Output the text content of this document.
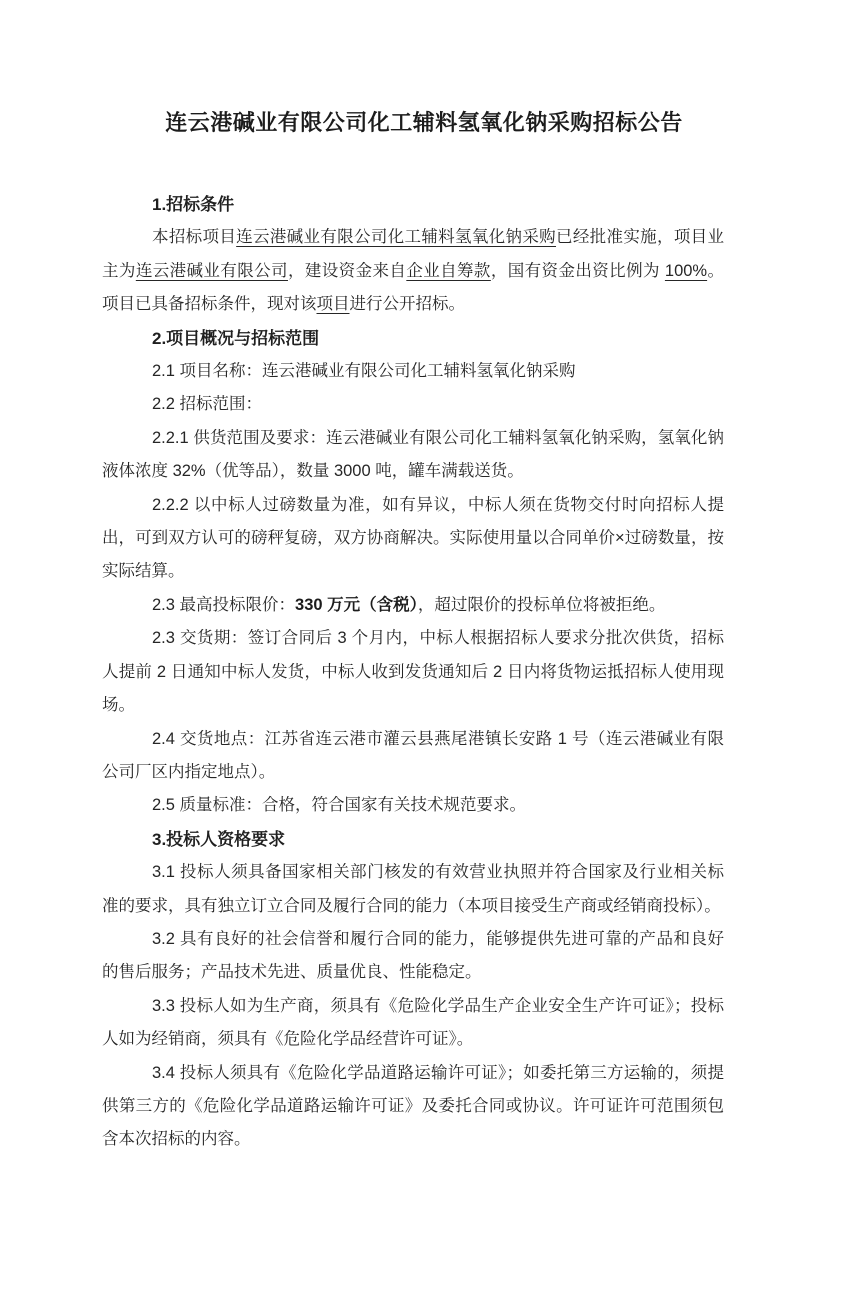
连云港碱业有限公司化工辅料氢氧化钠采购招标公告
1.招标条件

本招标项目连云港碱业有限公司化工辅料氢氧化钠采购已经批准实施，项目业主为连云港碱业有限公司，建设资金来自企业自筹款，国有资金出资比例为 100%。项目已具备招标条件，现对该项目进行公开招标。

2.项目概况与招标范围

2.1 项目名称：连云港碱业有限公司化工辅料氢氧化钠采购

2.2 招标范围：

2.2.1 供货范围及要求：连云港碱业有限公司化工辅料氢氧化钠采购，氢氧化钠液体浓度 32%（优等品），数量 3000 吨，罐车满载送货。

2.2.2 以中标人过磅数量为准，如有异议，中标人须在货物交付时向招标人提出，可到双方认可的磅秤复磅，双方协商解决。实际使用量以合同单价×过磅数量，按实际结算。

2.3 最高投标限价：330 万元（含税），超过限价的投标单位将被拒绝。

2.3 交货期：签订合同后 3 个月内，中标人根据招标人要求分批次供货，招标人提前 2 日通知中标人发货，中标人收到发货通知后 2 日内将货物运抵招标人使用现场。

2.4 交货地点：江苏省连云港市灌云县燕尾港镇长安路 1 号（连云港碱业有限公司厂区内指定地点）。

2.5 质量标准：合格，符合国家有关技术规范要求。

3.投标人资格要求

3.1 投标人须具备国家相关部门核发的有效营业执照并符合国家及行业相关标准的要求，具有独立订立合同及履行合同的能力（本项目接受生产商或经销商投标）。

3.2 具有良好的社会信誉和履行合同的能力，能够提供先进可靠的产品和良好的售后服务；产品技术先进、质量优良、性能稳定。

3.3 投标人如为生产商，须具有《危险化学品生产企业安全生产许可证》；投标人如为经销商，须具有《危险化学品经营许可证》。

3.4 投标人须具有《危险化学品道路运输许可证》；如委托第三方运输的，须提供第三方的《危险化学品道路运输许可证》及委托合同或协议。许可证许可范围须包含本次招标的内容。
